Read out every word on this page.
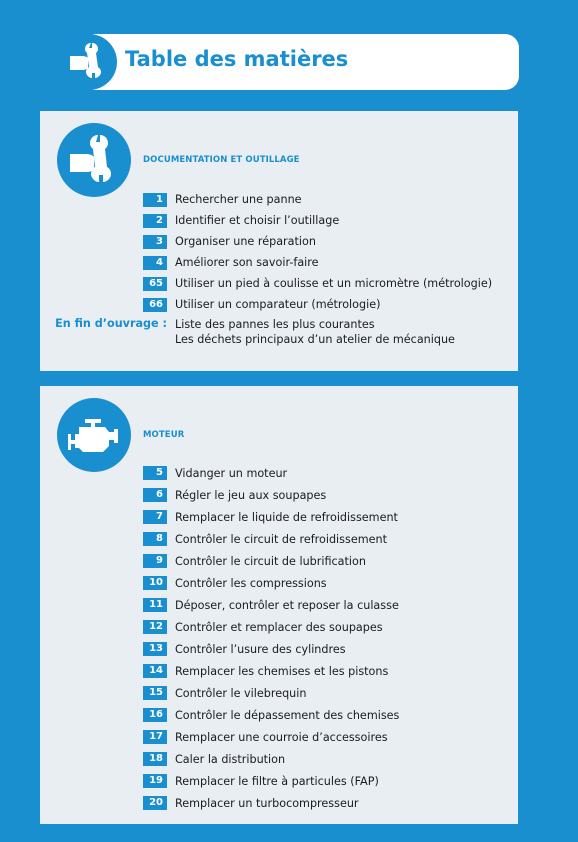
Table des matières
DOCUMENTATION ET OUTILLAGE
1	Rechercher une panne
2	Identifier et choisir l’outillage
3	Organiser une réparation
4	Améliorer son savoir-faire
65	Utiliser un pied à coulisse et un micromètre (métrologie)
66	Utiliser un comparateur (métrologie)
En fin d’ouvrage : Liste des pannes les plus courantes
Les déchets principaux d’un atelier de mécanique
MOTEUR
5	Vidanger un moteur
6	Régler le jeu aux soupapes
7	Remplacer le liquide de refroidissement
8	Contrôler le circuit de refroidissement
9	Contrôler le circuit de lubrification
10	Contrôler les compressions
11	Déposer, contrôler et reposer la culasse
12	Contrôler et remplacer des soupapes
13	Contrôler l’usure des cylindres
14	Remplacer les chemises et les pistons
15	Contrôler le vilebrequin
16	Contrôler le dépassement des chemises
17	Remplacer une courroie d’accessoires
18	Caler la distribution
19	Remplacer le filtre à particules (FAP)
20	Remplacer un turbocompresseur
